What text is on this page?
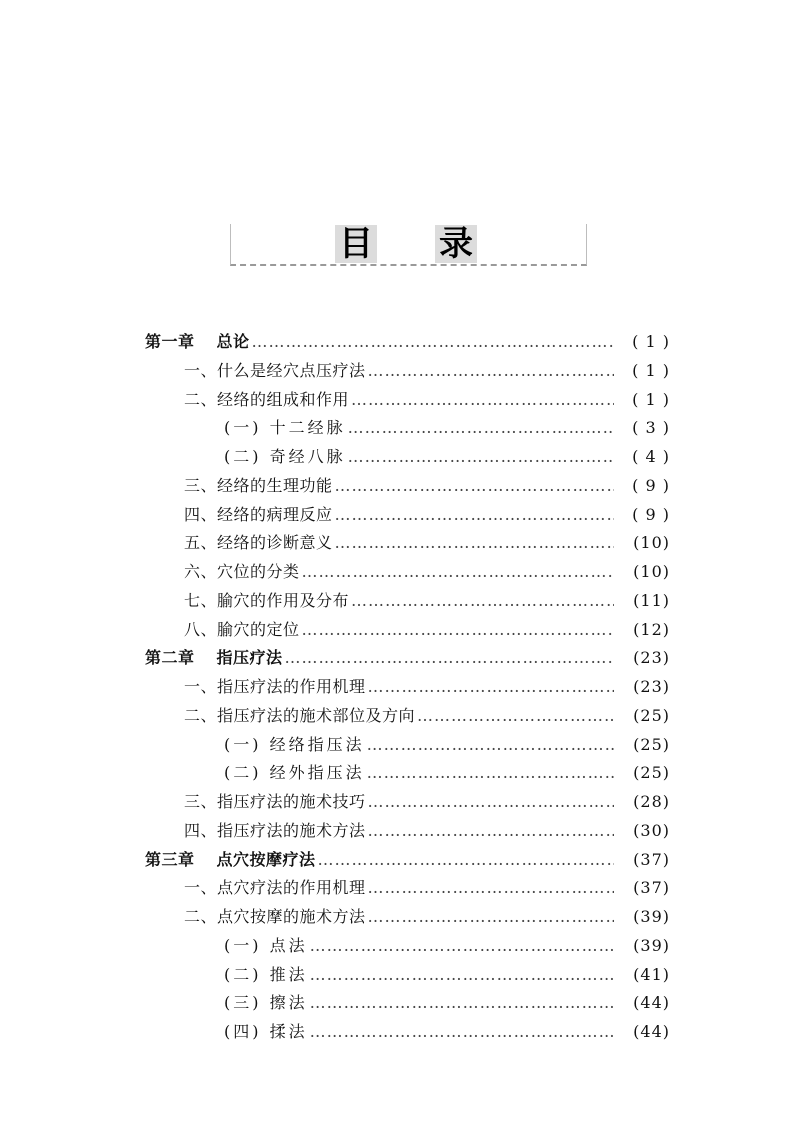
目 录
第一章 总论 ……………………………………………………………………………………………………………………………………………………	( 1 )
一、什么是经穴点压疗法 ……………………………………………………………………………………………………………………………………………………	( 1 )
二、经络的组成和作用 ……………………………………………………………………………………………………………………………………………………	( 1 )
(一) 十二经脉 ……………………………………………………………………………………………………………………………………………………	( 3 )
(二) 奇经八脉 ……………………………………………………………………………………………………………………………………………………	( 4 )
三、经络的生理功能 ……………………………………………………………………………………………………………………………………………………	( 9 )
四、经络的病理反应 ……………………………………………………………………………………………………………………………………………………	( 9 )
五、经络的诊断意义 ……………………………………………………………………………………………………………………………………………………	(10)
六、穴位的分类 ……………………………………………………………………………………………………………………………………………………	(10)
七、腧穴的作用及分布 ……………………………………………………………………………………………………………………………………………………	(11)
八、腧穴的定位 ……………………………………………………………………………………………………………………………………………………	(12)
第二章 指压疗法 ……………………………………………………………………………………………………………………………………………………	(23)
一、指压疗法的作用机理 ……………………………………………………………………………………………………………………………………………………	(23)
二、指压疗法的施术部位及方向 ……………………………………………………………………………………………………………………………………………………	(25)
(一) 经络指压法 ……………………………………………………………………………………………………………………………………………………	(25)
(二) 经外指压法 ……………………………………………………………………………………………………………………………………………………	(25)
三、指压疗法的施术技巧 ……………………………………………………………………………………………………………………………………………………	(28)
四、指压疗法的施术方法 ……………………………………………………………………………………………………………………………………………………	(30)
第三章 点穴按摩疗法 ……………………………………………………………………………………………………………………………………………………	(37)
一、点穴疗法的作用机理 ……………………………………………………………………………………………………………………………………………………	(37)
二、点穴按摩的施术方法 ……………………………………………………………………………………………………………………………………………………	(39)
(一) 点法 ……………………………………………………………………………………………………………………………………………………	(39)
(二) 推法 ……………………………………………………………………………………………………………………………………………………	(41)
(三) 擦法 ……………………………………………………………………………………………………………………………………………………	(44)
(四) 揉法 ……………………………………………………………………………………………………………………………………………………	(44)
